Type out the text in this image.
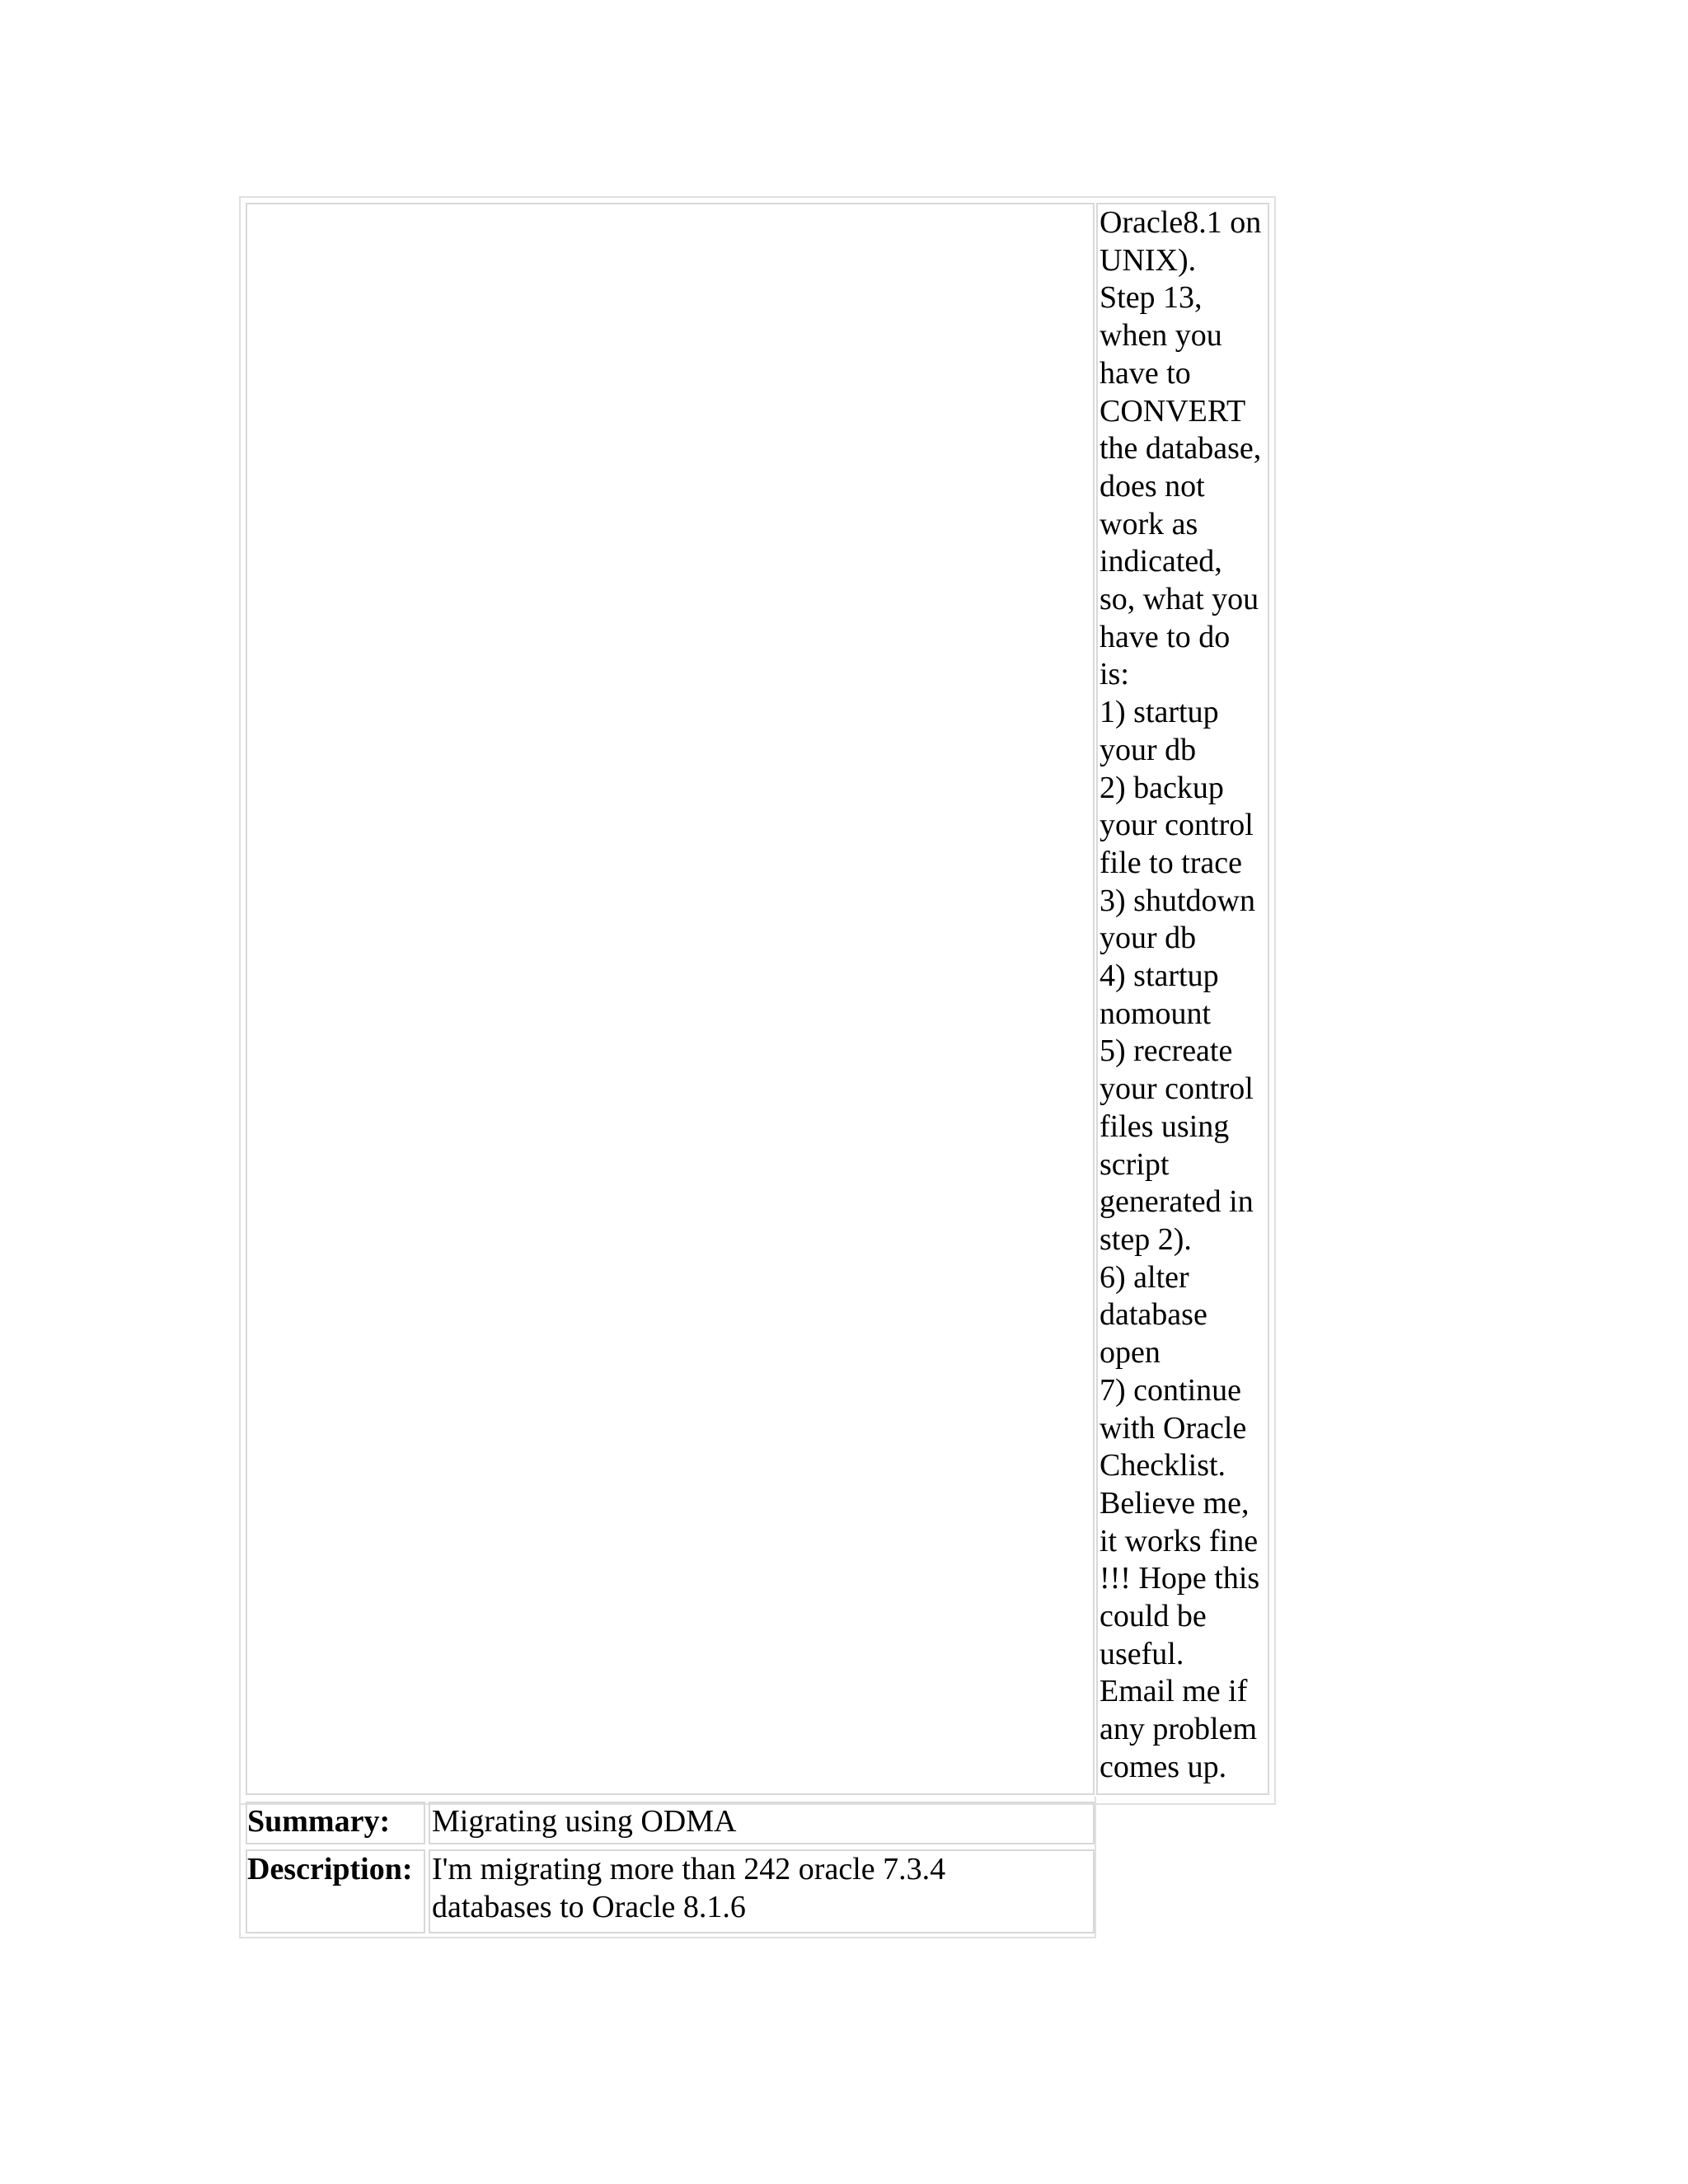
Oracle8.1 on
UNIX).
Step 13,
when you
have to
CONVERT
the database,
does not
work as
indicated,
so, what you
have to do
is:
1) startup
your db
2) backup
your control
file to trace
3) shutdown
your db
4) startup
nomount
5) recreate
your control
files using
script
generated in
step 2).
6) alter
database
open
7) continue
with Oracle
Checklist.
Believe me,
it works fine
!!! Hope this
could be
useful.
Email me if
any problem
comes up.
Summary:	Migrating using ODMA
Description: I'm migrating more than 242 oracle 7.3.4
databases to Oracle 8.1.6
